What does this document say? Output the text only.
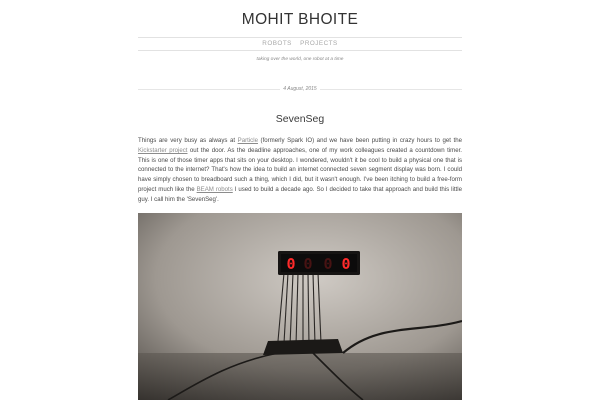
MOHIT BHOITE
ROBOTS PROJECTS
taking over the world, one robot at a time
4 August, 2015
SevenSeg

Things are very busy as always at Particle (formerly Spark IO) and we have been putting in crazy hours to get the Kickstarter project out the door. As the deadline approaches, one of my work colleagues created a countdown timer. This is one of those timer apps that sits on your desktop. I wondered, wouldn't it be cool to build a physical one that is connected to the internet? That's how the idea to build an internet connected seven segment display was born. I could have simply chosen to breadboard such a thing, which I did, but it wasn't enough. I've been itching to build a free-form project much like the BEAM robots I used to build a decade ago. So I decided to take that approach and build this little guy. I call him the 'SevenSeg'.

0 0 0 0
